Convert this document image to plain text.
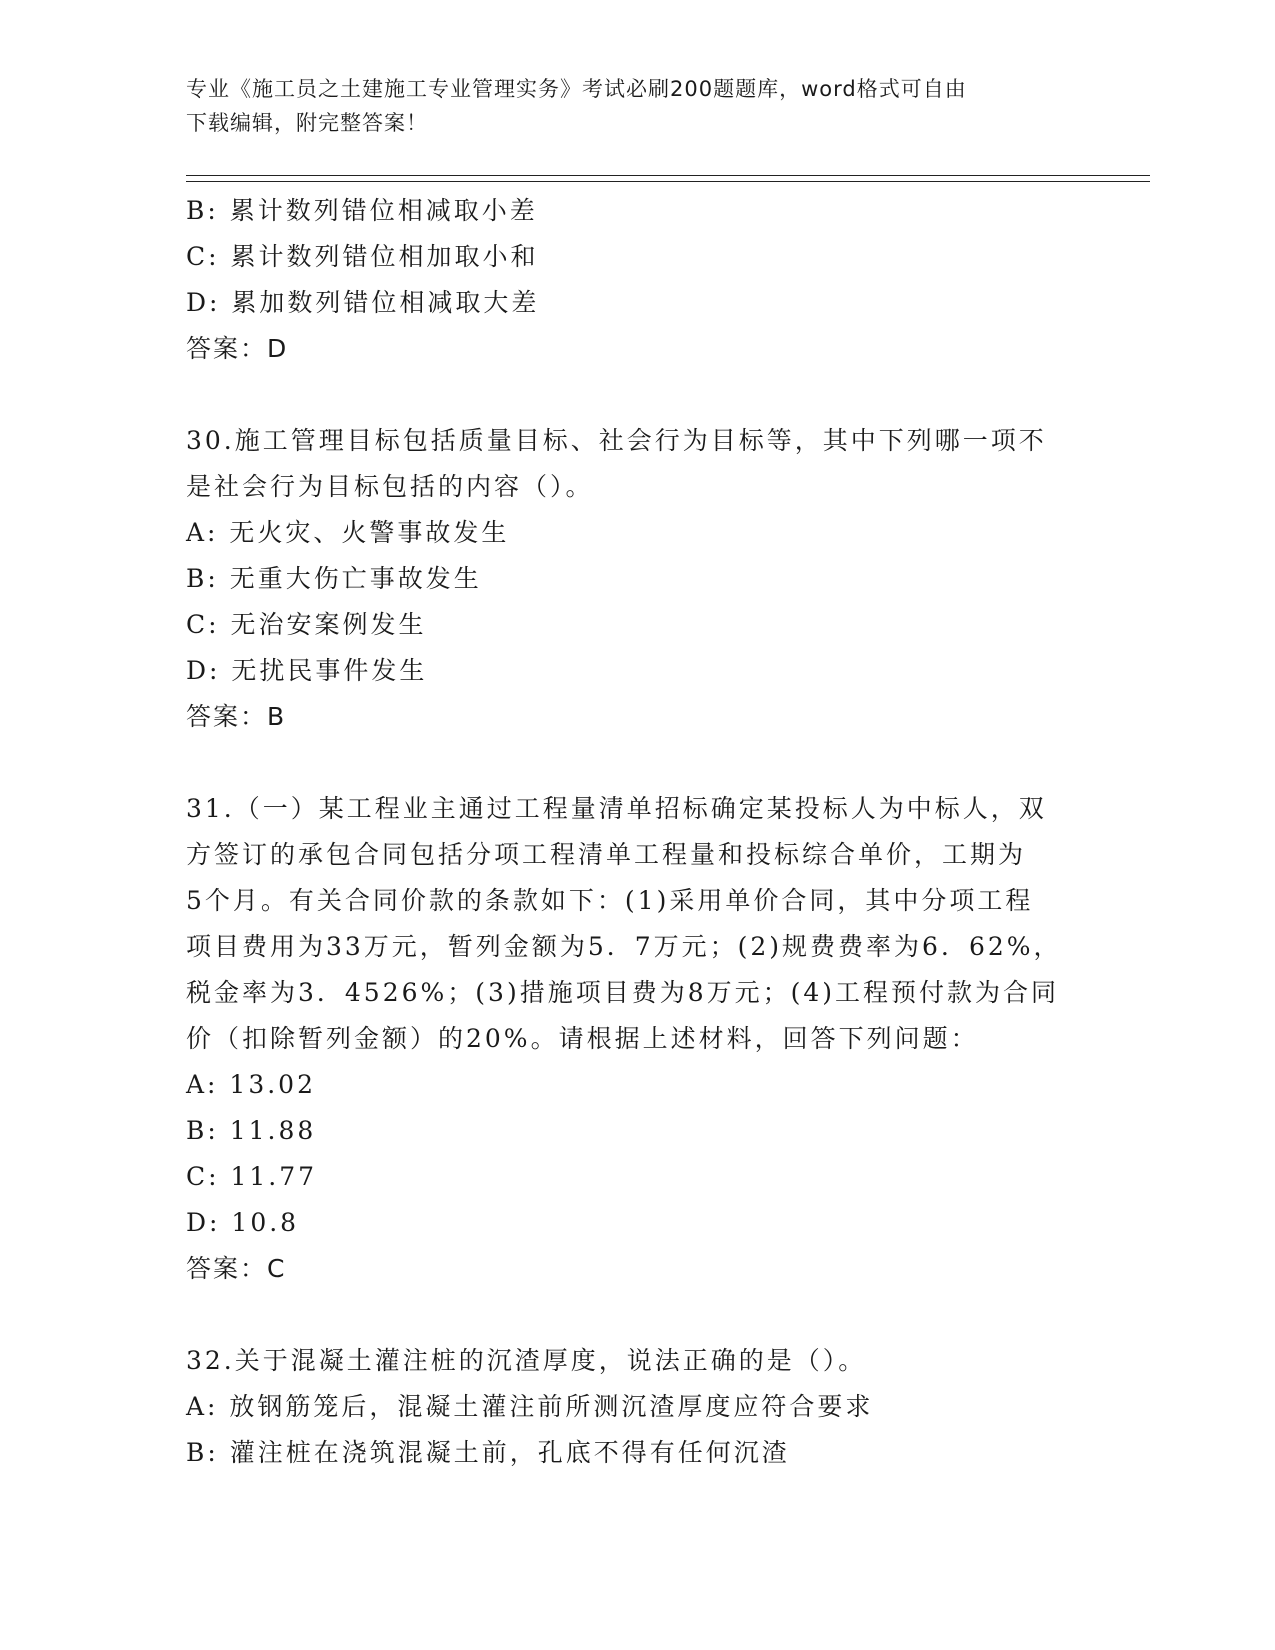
专业《施工员之土建施工专业管理实务》考试必刷200题题库，word格式可自由
下载编辑，附完整答案！
B: 累计数列错位相减取小差
C: 累计数列错位相加取小和
D: 累加数列错位相减取大差
答案：D
30.施工管理目标包括质量目标、社会行为目标等，其中下列哪一项不
是社会行为目标包括的内容（）。
A: 无火灾、火警事故发生
B: 无重大伤亡事故发生
C: 无治安案例发生
D: 无扰民事件发生
答案：B
31.（一）某工程业主通过工程量清单招标确定某投标人为中标人，双
方签订的承包合同包括分项工程清单工程量和投标综合单价，工期为
5个月。有关合同价款的条款如下：(1)采用单价合同，其中分项工程
项目费用为33万元，暂列金额为5．7万元；(2)规费费率为6．62%，
税金率为3．4526%；(3)措施项目费为8万元；(4)工程预付款为合同
价（扣除暂列金额）的20%。请根据上述材料，回答下列问题：
A: 13.02
B: 11.88
C: 11.77
D: 10.8
答案：C
32.关于混凝土灌注桩的沉渣厚度，说法正确的是（）。
A: 放钢筋笼后，混凝土灌注前所测沉渣厚度应符合要求
B: 灌注桩在浇筑混凝土前，孔底不得有任何沉渣
